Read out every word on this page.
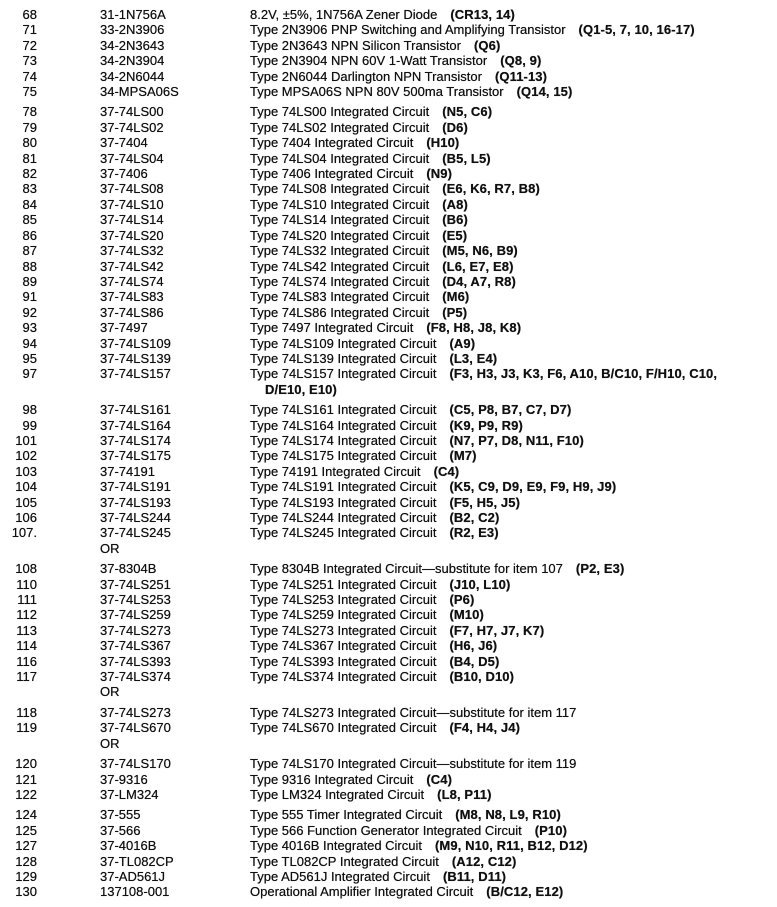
68	31-1N756A	8.2V, ±5%, 1N756A Zener Diode (CR13, 14)
71	33-2N3906	Type 2N3906 PNP Switching and Amplifying Transistor (Q1-5, 7, 10, 16-17)
72	34-2N3643	Type 2N3643 NPN Silicon Transistor (Q6)
73	34-2N3904	Type 2N3904 NPN 60V 1-Watt Transistor (Q8, 9)
74	34-2N6044	Type 2N6044 Darlington NPN Transistor (Q11-13)
75	34-MPSA06S	Type MPSA06S NPN 80V 500ma Transistor (Q14, 15)
78	37-74LS00	Type 74LS00 Integrated Circuit (N5, C6)
79	37-74LS02	Type 74LS02 Integrated Circuit (D6)
80	37-7404	Type 7404 Integrated Circuit (H10)
81	37-74LS04	Type 74LS04 Integrated Circuit (B5, L5)
82	37-7406	Type 7406 Integrated Circuit (N9)
83	37-74LS08	Type 74LS08 Integrated Circuit (E6, K6, R7, B8)
84	37-74LS10	Type 74LS10 Integrated Circuit (A8)
85	37-74LS14	Type 74LS14 Integrated Circuit (B6)
86	37-74LS20	Type 74LS20 Integrated Circuit (E5)
87	37-74LS32	Type 74LS32 Integrated Circuit (M5, N6, B9)
88	37-74LS42	Type 74LS42 Integrated Circuit (L6, E7, E8)
89	37-74LS74	Type 74LS74 Integrated Circuit (D4, A7, R8)
91	37-74LS83	Type 74LS83 Integrated Circuit (M6)
92	37-74LS86	Type 74LS86 Integrated Circuit (P5)
93	37-7497	Type 7497 Integrated Circuit (F8, H8, J8, K8)
94	37-74LS109	Type 74LS109 Integrated Circuit (A9)
95	37-74LS139	Type 74LS139 Integrated Circuit (L3, E4)
97	37-74LS157	Type 74LS157 Integrated Circuit (F3, H3, J3, K3, F6, A10, B/C10, F/H10, C10,
D/E10, E10)
98	37-74LS161	Type 74LS161 Integrated Circuit (C5, P8, B7, C7, D7)
99	37-74LS164	Type 74LS164 Integrated Circuit (K9, P9, R9)
101	37-74LS174	Type 74LS174 Integrated Circuit (N7, P7, D8, N11, F10)
102	37-74LS175	Type 74LS175 Integrated Circuit (M7)
103	37-74191	Type 74191 Integrated Circuit (C4)
104	37-74LS191	Type 74LS191 Integrated Circuit (K5, C9, D9, E9, F9, H9, J9)
105	37-74LS193	Type 74LS193 Integrated Circuit (F5, H5, J5)
106	37-74LS244	Type 74LS244 Integrated Circuit (B2, C2)
107.	37-74LS245	Type 74LS245 Integrated Circuit (R2, E3)
OR
108	37-8304B	Type 8304B Integrated Circuit—substitute for item 107 (P2, E3)
110	37-74LS251	Type 74LS251 Integrated Circuit (J10, L10)
111	37-74LS253	Type 74LS253 Integrated Circuit (P6)
112	37-74LS259	Type 74LS259 Integrated Circuit (M10)
113	37-74LS273	Type 74LS273 Integrated Circuit (F7, H7, J7, K7)
114	37-74LS367	Type 74LS367 Integrated Circuit (H6, J6)
116	37-74LS393	Type 74LS393 Integrated Circuit (B4, D5)
117	37-74LS374	Type 74LS374 Integrated Circuit (B10, D10)
OR
118	37-74LS273	Type 74LS273 Integrated Circuit—substitute for item 117
119	37-74LS670	Type 74LS670 Integrated Circuit (F4, H4, J4)
OR
120	37-74LS170	Type 74LS170 Integrated Circuit—substitute for item 119
121	37-9316	Type 9316 Integrated Circuit (C4)
122	37-LM324	Type LM324 Integrated Circuit (L8, P11)
124	37-555	Type 555 Timer Integrated Circuit (M8, N8, L9, R10)
125	37-566	Type 566 Function Generator Integrated Circuit (P10)
127	37-4016B	Type 4016B Integrated Circuit (M9, N10, R11, B12, D12)
128	37-TL082CP	Type TL082CP Integrated Circuit (A12, C12)
129	37-AD561J	Type AD561J Integrated Circuit (B11, D11)
130	137108-001	Operational Amplifier Integrated Circuit (B/C12, E12)
